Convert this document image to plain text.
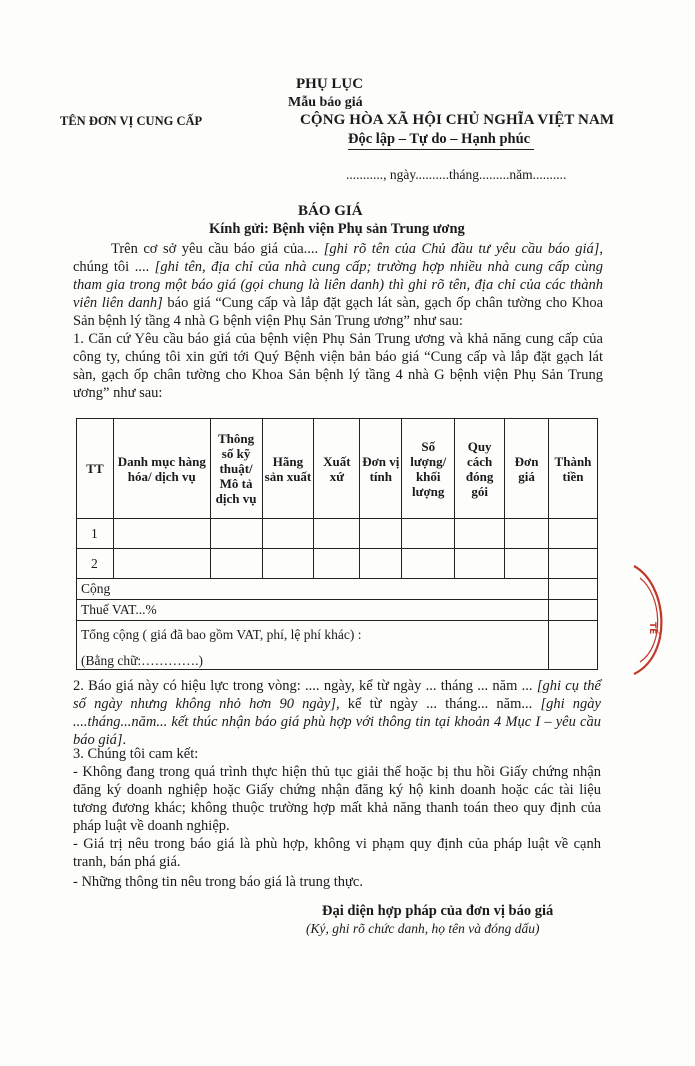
PHỤ LỤC
Mẫu báo giá
TÊN ĐƠN VỊ CUNG CẤP	CỘNG HÒA XÃ HỘI CHỦ NGHĨA VIỆT NAM
Độc lập – Tự do – Hạnh phúc
..........., ngày..........tháng.........năm..........
BÁO GIÁ
Kính gửi: Bệnh viện Phụ sản Trung ương
Trên cơ sở yêu cầu báo giá của.... [ghi rõ tên của Chủ đầu tư yêu cầu báo giá], chúng tôi .... [ghi tên, địa chỉ của nhà cung cấp; trường hợp nhiều nhà cung cấp cùng tham gia trong một báo giá (gọi chung là liên danh) thì ghi rõ tên, địa chỉ của các thành viên liên danh] báo giá “Cung cấp và lắp đặt gạch lát sàn, gạch ốp chân tường cho Khoa Sản bệnh lý tầng 4 nhà G bệnh viện Phụ Sản Trung ương” như sau:
1. Căn cứ Yêu cầu báo giá của bệnh viện Phụ Sản Trung ương và khả năng cung cấp của công ty, chúng tôi xin gửi tới Quý Bệnh viện bản báo giá “Cung cấp và lắp đặt gạch lát sàn, gạch ốp chân tường cho Khoa Sản bệnh lý tầng 4 nhà G bệnh viện Phụ Sản Trung ương” như sau:
TT	Danh mục hàng hóa/ dịch vụ	Thông số kỹ thuật/ Mô tả dịch vụ	Hãng sản xuất	Xuất xứ	Đơn vị tính	Số lượng/ khối lượng	Quy cách đóng gói	Đơn giá	Thành tiền
1									
2									
Cộng									
Thuế VAT...%									
Tổng cộng ( giá đã bao gồm VAT, phí, lệ phí khác) :
(Bằng chữ:………….)									

2. Báo giá này có hiệu lực trong vòng: .... ngày, kể từ ngày ... tháng ... năm ... [ghi cụ thể số ngày nhưng không nhỏ hơn 90 ngày], kể từ ngày ... tháng... năm... [ghi ngày ....tháng...năm... kết thúc nhận báo giá phù hợp với thông tin tại khoản 4 Mục I – yêu cầu báo giá].
3. Chúng tôi cam kết:
- Không đang trong quá trình thực hiện thủ tục giải thể hoặc bị thu hồi Giấy chứng nhận đăng ký doanh nghiệp hoặc Giấy chứng nhận đăng ký hộ kinh doanh hoặc các tài liệu tương đương khác; không thuộc trường hợp mất khả năng thanh toán theo quy định của pháp luật về doanh nghiệp.
- Giá trị nêu trong báo giá là phù hợp, không vi phạm quy định của pháp luật về cạnh tranh, bán phá giá.
- Những thông tin nêu trong báo giá là trung thực.
Đại diện hợp pháp của đơn vị báo giá
(Ký, ghi rõ chức danh, họ tên và đóng dấu)
TẾ
